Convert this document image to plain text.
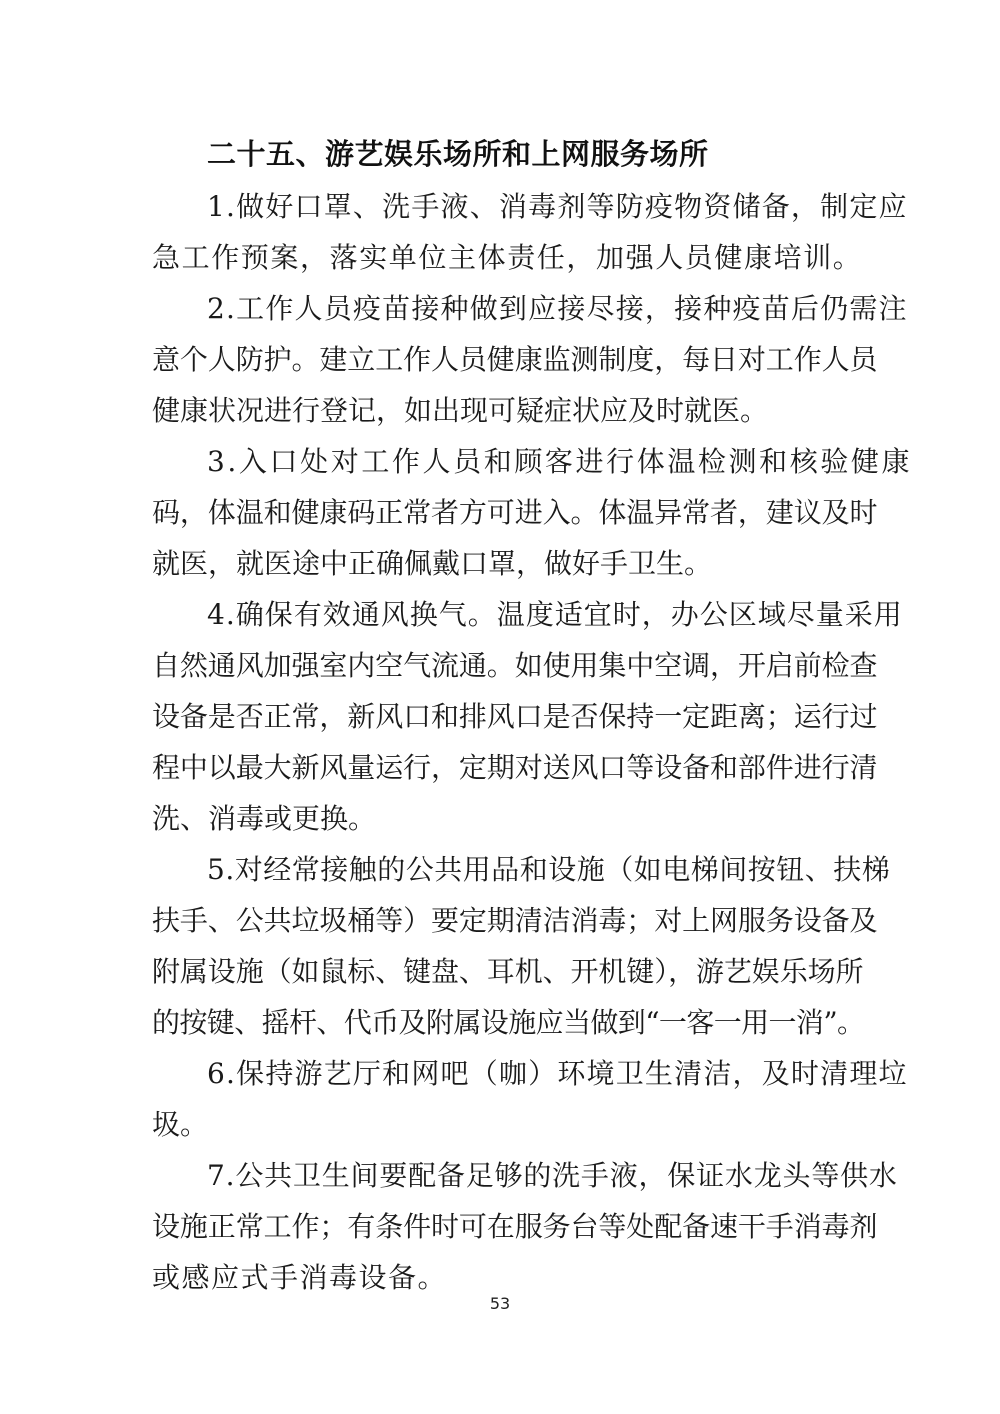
二十五、游艺娱乐场所和上网服务场所
1.做好口罩、洗手液、消毒剂等防疫物资储备，制定应
急工作预案，落实单位主体责任，加强人员健康培训。
2.工作人员疫苗接种做到应接尽接，接种疫苗后仍需注
意个人防护。建立工作人员健康监测制度，每日对工作人员
健康状况进行登记，如出现可疑症状应及时就医。
3.入口处对工作人员和顾客进行体温检测和核验健康
码，体温和健康码正常者方可进入。体温异常者，建议及时
就医，就医途中正确佩戴口罩，做好手卫生。
4.确保有效通风换气。温度适宜时，办公区域尽量采用
自然通风加强室内空气流通。如使用集中空调，开启前检查
设备是否正常，新风口和排风口是否保持一定距离；运行过
程中以最大新风量运行，定期对送风口等设备和部件进行清
洗、消毒或更换。
5.对经常接触的公共用品和设施（如电梯间按钮、扶梯
扶手、公共垃圾桶等）要定期清洁消毒；对上网服务设备及
附属设施（如鼠标、键盘、耳机、开机键），游艺娱乐场所
的按键、摇杆、代币及附属设施应当做到“一客一用一消”。
6.保持游艺厅和网吧（咖）环境卫生清洁，及时清理垃
圾。
7.公共卫生间要配备足够的洗手液，保证水龙头等供水
设施正常工作；有条件时可在服务台等处配备速干手消毒剂
或感应式手消毒设备。
53
